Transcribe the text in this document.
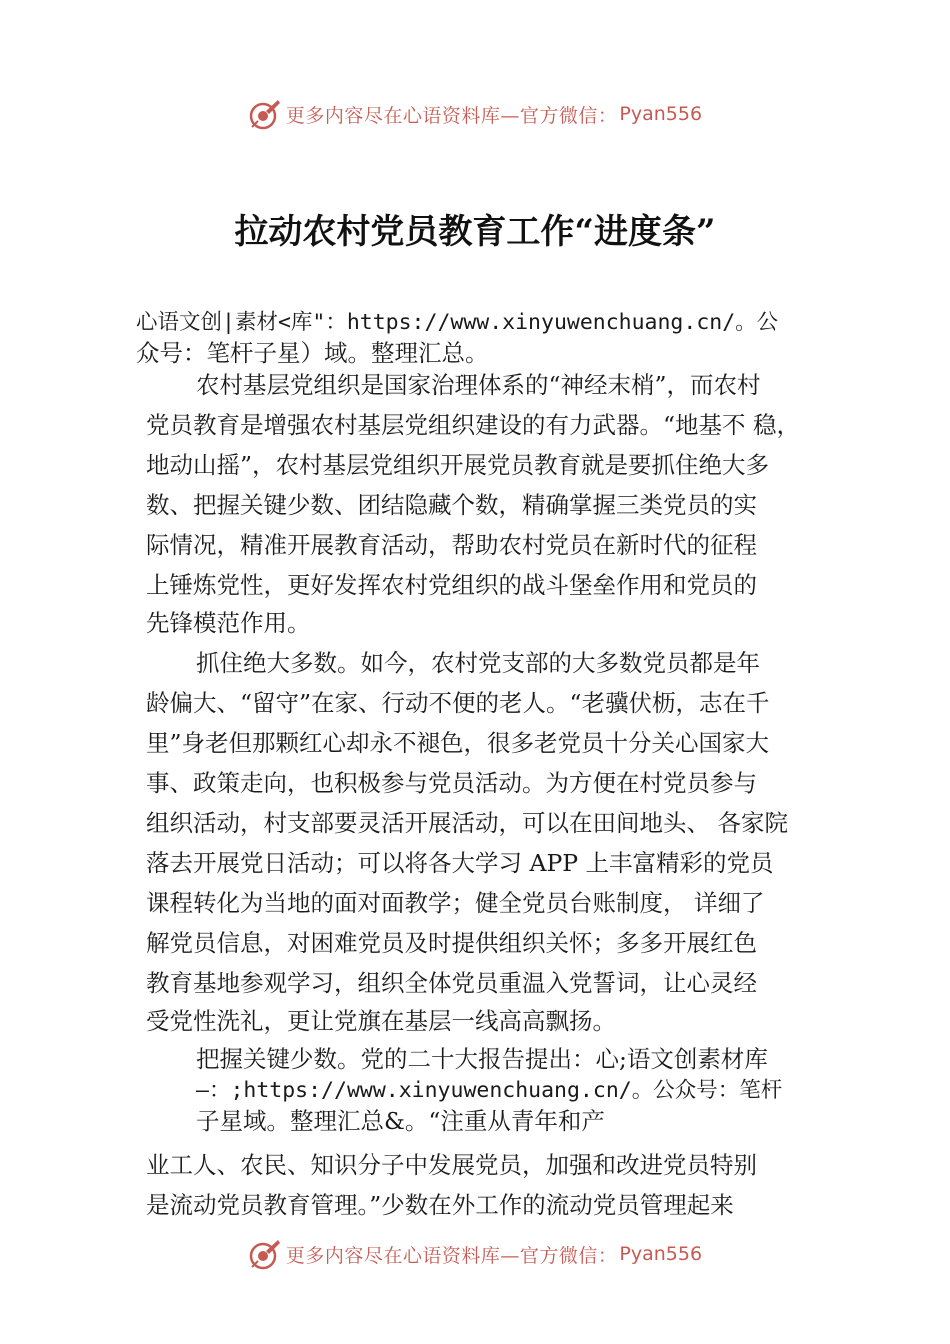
更多内容尽在心语资料库—官方微信： Pyan556
拉动农村党员教育工作“进度条”
心语文创|素材<库"：https://www.xinyuwenchuang.cn/。公
众号：笔杆子星）域。整理汇总。
农村基层党组织是国家治理体系的“神经末梢”，而农村
党员教育是增强农村基层党组织建设的有力武器。“地基不 稳，
地动山摇”，农村基层党组织开展党员教育就是要抓住绝大多
数、把握关键少数、团结隐藏个数，精确掌握三类党员的实
际情况，精准开展教育活动，帮助农村党员在新时代的征程
上锤炼党性，更好发挥农村党组织的战斗堡垒作用和党员的
先锋模范作用。
抓住绝大多数。如今，农村党支部的大多数党员都是年
龄偏大、“留守”在家、行动不便的老人。“老骥伏枥，志在千
里”身老但那颗红心却永不褪色，很多老党员十分关心国家大
事、政策走向，也积极参与党员活动。为方便在村党员参与
组织活动，村支部要灵活开展活动，可以在田间地头、 各家院
落去开展党日活动；可以将各大学习 APP 上丰富精彩的党员
课程转化为当地的面对面教学；健全党员台账制度， 详细了
解党员信息，对困难党员及时提供组织关怀；多多开展红色
教育基地参观学习，组织全体党员重温入党誓词，让心灵经
受党性洗礼，更让党旗在基层一线高高飘扬。
把握关键少数。党的二十大报告提出：心;语文创素材库
—：;https://www.xinyuwenchuang.cn/。公众号：笔杆
子星域。整理汇总&。“注重从青年和产
业工人、农民、知识分子中发展党员，加强和改进党员特别
是流动党员教育管理。”少数在外工作的流动党员管理起来
更多内容尽在心语资料库—官方微信： Pyan556
